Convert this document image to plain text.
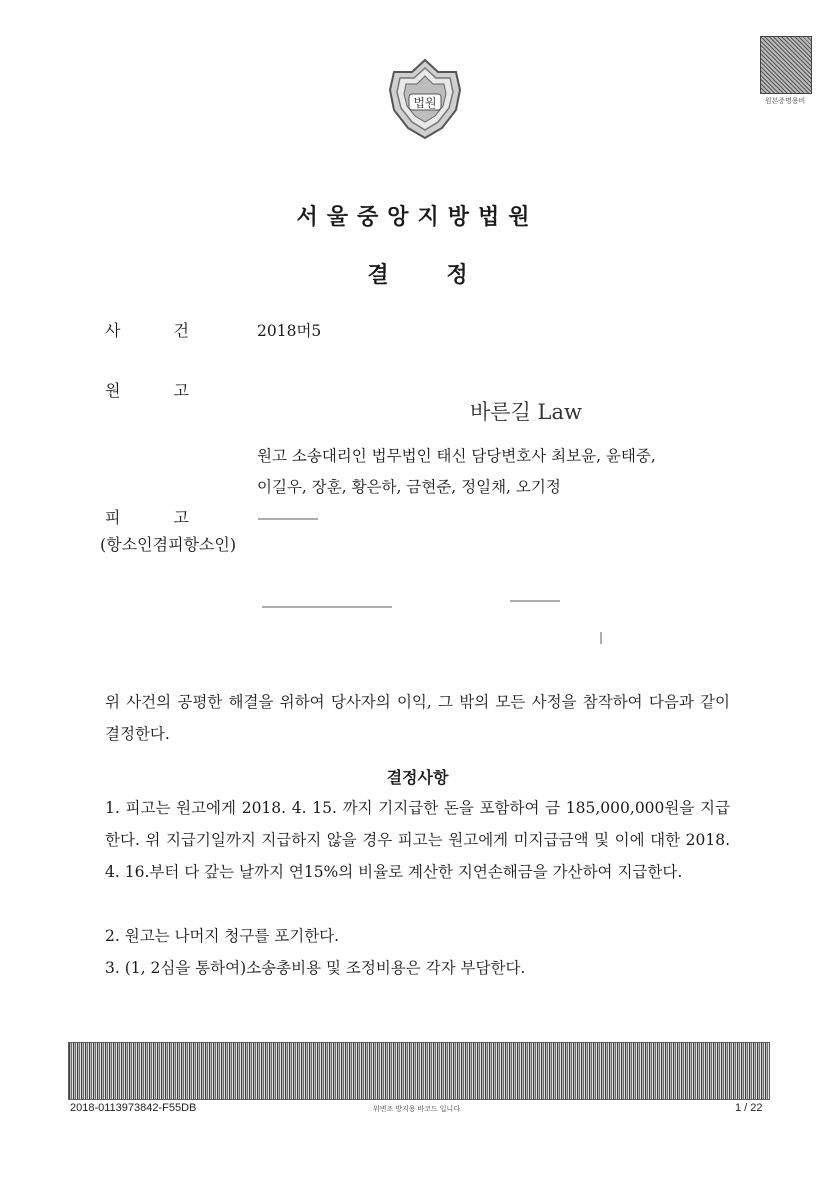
법원	원본증명용비
서울중앙지방법원
결 정
사 건	2018머5
원 고
바른길 Law
원고 소송대리인 법무법인 태신 담당변호사 최보윤, 윤태중,
이길우, 장훈, 황은하, 금현준, 정일채, 오기정
피 고
(항소인겸피항소인)
위 사건의 공평한 해결을 위하여 당사자의 이익, 그 밖의 모든 사정을 참작하여 다음과 같이 결정한다.
결정사항
1. 피고는 원고에게 2018. 4. 15. 까지 기지급한 돈을 포함하여 금 185,000,000원을 지급한다. 위 지급기일까지 지급하지 않을 경우 피고는 원고에게 미지급금액 및 이에 대한 2018. 4. 16.부터 다 갚는 날까지 연15%의 비율로 계산한 지연손해금을 가산하여 지급한다.
2. 원고는 나머지 청구를 포기한다.
3. (1, 2심을 통하여)소송총비용 및 조정비용은 각자 부담한다.
2018-0113973842-F55DB	위변조 방지용 바코드 입니다.	1 / 22
